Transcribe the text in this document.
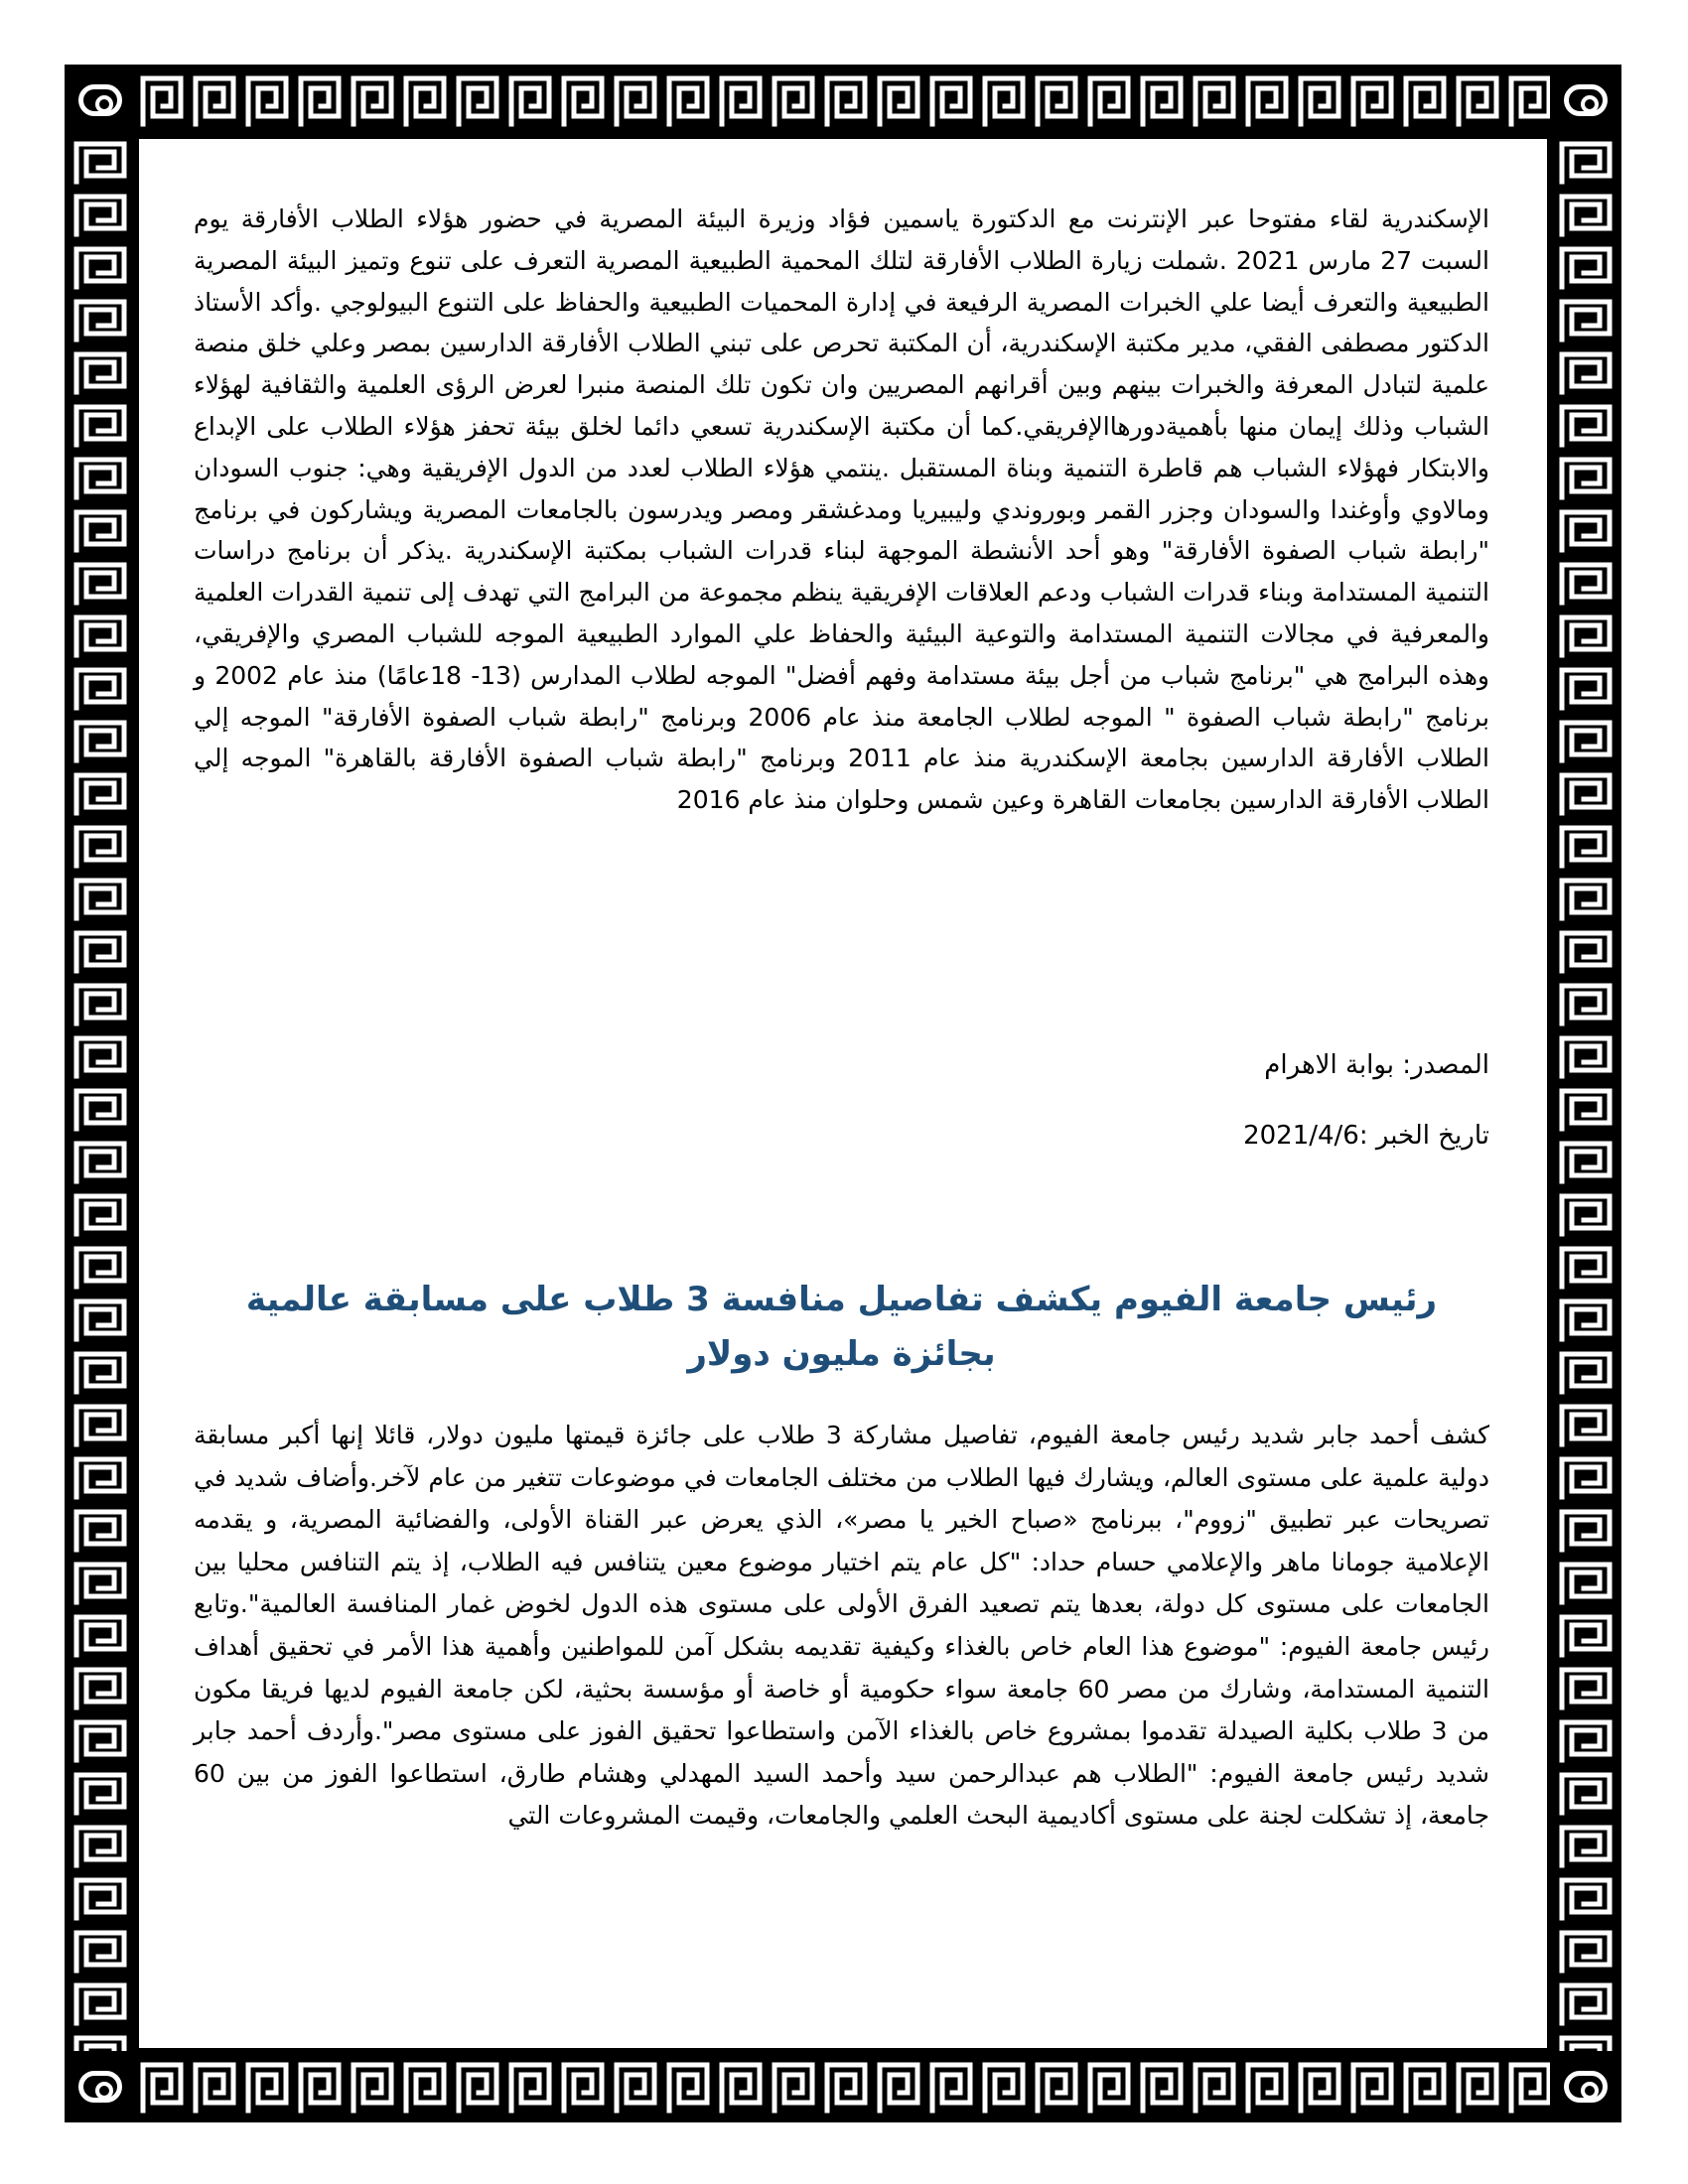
الإسكندرية لقاء مفتوحا عبر الإنترنت مع الدكتورة ياسمين فؤاد وزيرة البيئة المصرية في حضور هؤلاء الطلاب الأفارقة يوم السبت 27 مارس 2021 .شملت زيارة الطلاب الأفارقة لتلك المحمية الطبيعية المصرية التعرف على تنوع وتميز البيئة المصرية الطبيعية والتعرف أيضا علي الخبرات المصرية الرفيعة في إدارة المحميات الطبيعية والحفاظ على التنوع البيولوجي .وأكد الأستاذ الدكتور مصطفى الفقي، مدير مكتبة الإسكندرية، أن المكتبة تحرص على تبني الطلاب الأفارقة الدارسين بمصر وعلي خلق منصة علمية لتبادل المعرفة والخبرات بينهم وبين أقرانهم المصريين وان تكون تلك المنصة منبرا لعرض الرؤى العلمية والثقافية لهؤلاء الشباب وذلك إيمان منها بأهميةدورهاالإفريقي.كما أن مكتبة الإسكندرية تسعي دائما لخلق بيئة تحفز هؤلاء الطلاب على الإبداع والابتكار فهؤلاء الشباب هم قاطرة التنمية وبناة المستقبل .ينتمي هؤلاء الطلاب لعدد من الدول الإفريقية وهي: جنوب السودان ومالاوي وأوغندا والسودان وجزر القمر وبوروندي وليبيريا ومدغشقر ومصر ويدرسون بالجامعات المصرية ويشاركون في برنامج "رابطة شباب الصفوة الأفارقة" وهو أحد الأنشطة الموجهة لبناء قدرات الشباب بمكتبة الإسكندرية .يذكر أن برنامج دراسات التنمية المستدامة وبناء قدرات الشباب ودعم العلاقات الإفريقية ينظم مجموعة من البرامج التي تهدف إلى تنمية القدرات العلمية والمعرفية في مجالات التنمية المستدامة والتوعية البيئية والحفاظ علي الموارد الطبيعية الموجه للشباب المصري والإفريقي، وهذه البرامج هي "برنامج شباب من أجل بيئة مستدامة وفهم أفضل" الموجه لطلاب المدارس (13- 18عامًا) منذ عام 2002 و برنامج "رابطة شباب الصفوة " الموجه لطلاب الجامعة منذ عام 2006 وبرنامج "رابطة شباب الصفوة الأفارقة" الموجه إلي الطلاب الأفارقة الدارسين بجامعة الإسكندرية منذ عام 2011 وبرنامج "رابطة شباب الصفوة الأفارقة بالقاهرة" الموجه إلي الطلاب الأفارقة الدارسين بجامعات القاهرة وعين شمس وحلوان منذ عام 2016

المصدر: بوابة الاهرام

تاريخ الخبر :2021/4/6

رئيس جامعة الفيوم يكشف تفاصيل منافسة 3 طلاب على مسابقة عالمية بجائزة مليون دولار

كشف أحمد جابر شديد رئيس جامعة الفيوم، تفاصيل مشاركة 3 طلاب على جائزة قيمتها مليون دولار، قائلا إنها أكبر مسابقة دولية علمية على مستوى العالم، ويشارك فيها الطلاب من مختلف الجامعات في موضوعات تتغير من عام لآخر.وأضاف شديد في تصريحات عبر تطبيق "زووم"، ببرنامج «صباح الخير يا مصر»، الذي يعرض عبر القناة الأولى، والفضائية المصرية، و يقدمه الإعلامية جومانا ماهر والإعلامي حسام حداد: "كل عام يتم اختيار موضوع معين يتنافس فيه الطلاب، إذ يتم التنافس محليا بين الجامعات على مستوى كل دولة، بعدها يتم تصعيد الفرق الأولى على مستوى هذه الدول لخوض غمار المنافسة العالمية".وتابع رئيس جامعة الفيوم: "موضوع هذا العام خاص بالغذاء وكيفية تقديمه بشكل آمن للمواطنين وأهمية هذا الأمر في تحقيق أهداف التنمية المستدامة، وشارك من مصر 60 جامعة سواء حكومية أو خاصة أو مؤسسة بحثية، لكن جامعة الفيوم لديها فريقا مكون من 3 طلاب بكلية الصيدلة تقدموا بمشروع خاص بالغذاء الآمن واستطاعوا تحقيق الفوز على مستوى مصر".وأردف أحمد جابر شديد رئيس جامعة الفيوم: "الطلاب هم عبدالرحمن سيد وأحمد السيد المهدلي وهشام طارق، استطاعوا الفوز من بين 60 جامعة، إذ تشكلت لجنة على مستوى أكاديمية البحث العلمي والجامعات، وقيمت المشروعات التي
